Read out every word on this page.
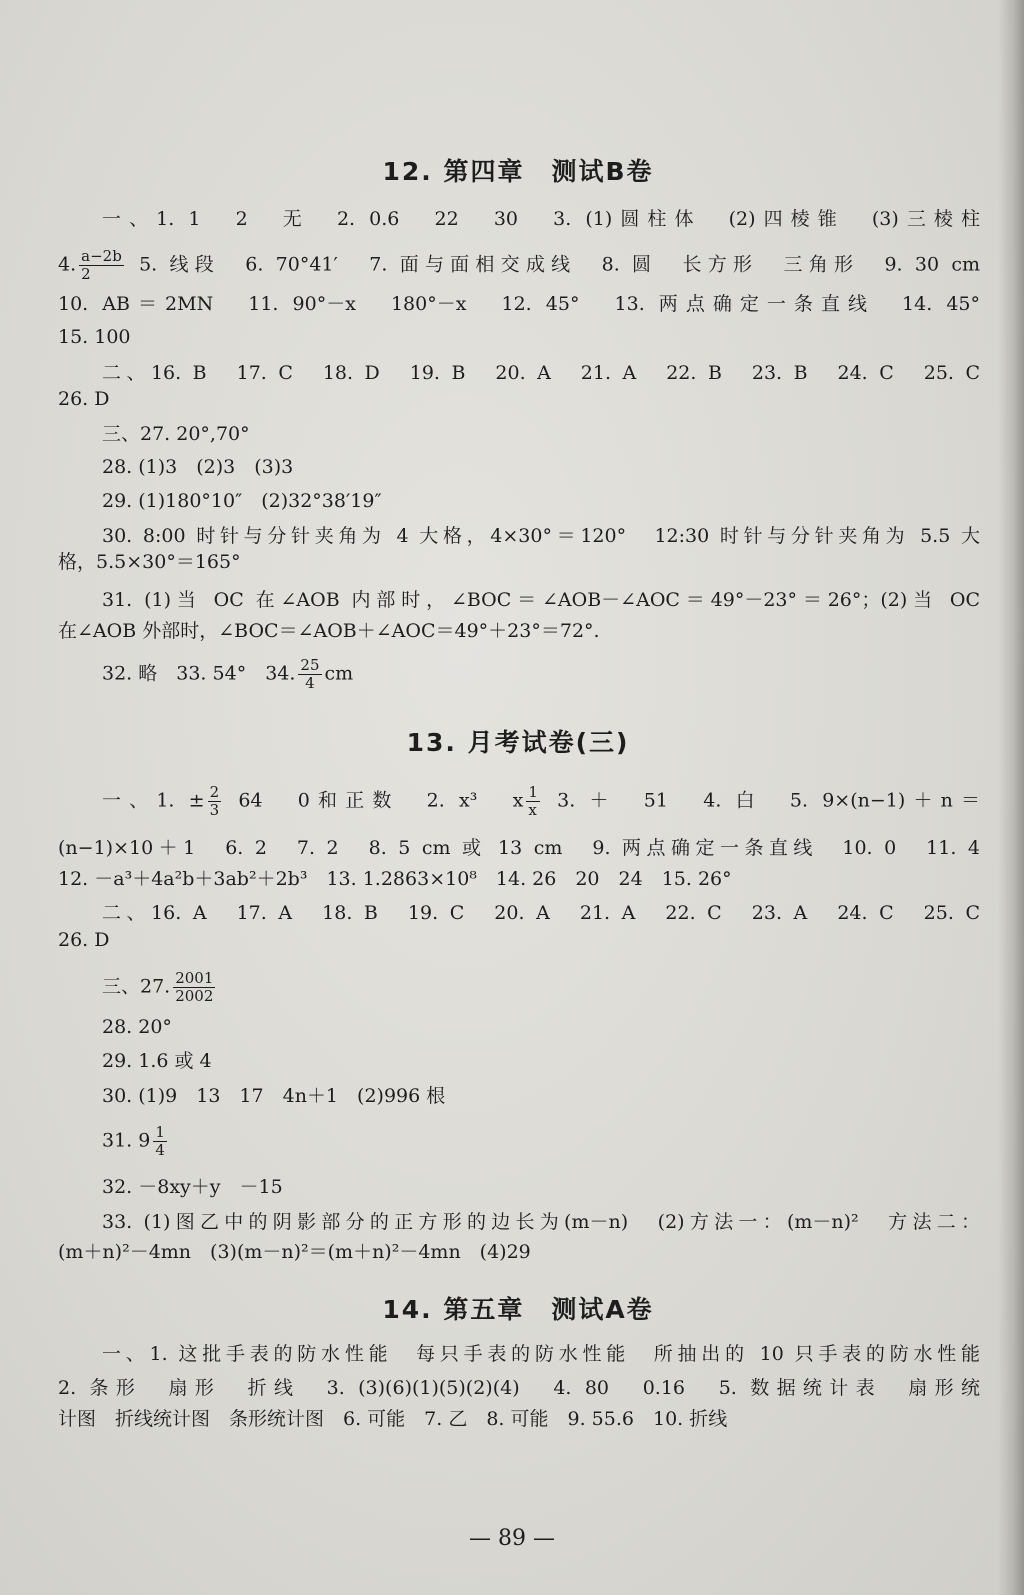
12. 第四章　测试B卷
一、1. 1　2　无　2. 0.6　22　30　3. (1)圆柱体　(2)四棱锥　(3)三棱柱
4. $\frac{a-2b}{2} 5$. 线段　6. 70°41′　7. 面与面相交成线　8. 圆　长方形　三角形　9. 30 cm
10. AB＝2MN　11. 90°－x　180°－x　12. 45°　13. 两点确定一条直线　14. 45°
15. 100
二、16. B　17. C　18. D　19. B　20. A　21. A　22. B　23. B　24. C　25. C
26. D
三、27. 20°,70°
28. (1)3　(2)3　(3)3
29. (1)180°10″　(2)32°38′19″
30. 8:00 时针与分针夹角为 4 大格，4×30°＝120°　12:30 时针与分针夹角为 5.5 大
格，5.5×30°＝165°
31. (1)当 OC 在∠AOB 内部时，∠BOC＝∠AOB－∠AOC＝49°－23°＝26°；(2)当 OC
在∠AOB 外部时，∠BOC＝∠AOB＋∠AOC＝49°＋23°＝72°.
32. 略　33. 54°　34. $\frac{25}{4}$ cm
13. 月考试卷(三)
一、1. ± $\frac{2}{3} 64$　0和正数　2. x³　x $\frac{1}{x} 3$. ＋　51　4. 白　5. 9×(n−1)＋n＝
(n−1)×10＋1　6. 2　7. 2　8. 5 cm 或 13 cm　9. 两点确定一条直线　10. 0　11. 4
12. －a³＋4a²b＋3ab²＋2b³　13. 1.2863×10⁸　14. 26　20　24　15. 26°
二、16. A　17. A　18. B　19. C　20. A　21. A　22. C　23. A　24. C　25. C
26. D
三、27. $\frac{2001}{2002}$
28. 20°
29. 1.6 或 4
30. (1)9　13　17　4n＋1　(2)996 根
31. $9 \frac{1}{4}$
32. －8xy＋y　－15
33. (1)图乙中的阴影部分的正方形的边长为(m－n)　(2)方法一：(m－n)²　方法二：
(m＋n)²－4mn　(3)(m－n)²＝(m＋n)²－4mn　(4)29
14. 第五章　测试A卷
一、1. 这批手表的防水性能　每只手表的防水性能　所抽出的 10 只手表的防水性能
2. 条形　扇形　折线　3. (3)(6)(1)(5)(2)(4)　4. 80　0.16　5. 数据统计表　扇形统
计图　折线统计图　条形统计图　6. 可能　7. 乙　8. 可能　9. 55.6　10. 折线
— 89 —
